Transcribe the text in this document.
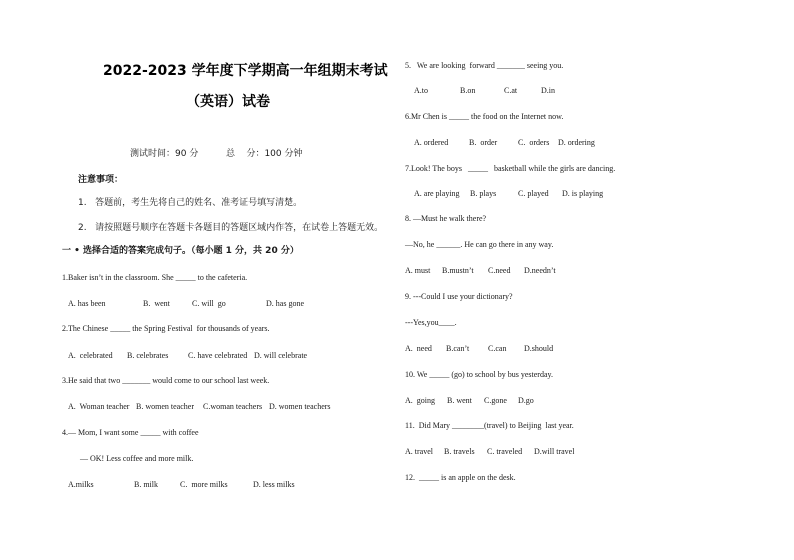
2022-2023 学年度下学期高一年组期末考试
（英语）试卷
测试时间：90 分	总    分：100 分钟
注意事项：
1.   答题前，考生先将自己的姓名、准考证号填写清楚。
2.   请按照题号顺序在答题卡各题目的答题区域内作答，在试卷上答题无效。
一 • 选择合适的答案完成句子。（每小题 1 分，共 20 分）
1.Baker isn’t in the classroom. She _____ to the cafeteria.
A. has been	B.  went	C. will  go	D. has gone
2.The Chinese _____ the Spring Festival  for thousands of years.
A.  celebrated B. celebrates C. have celebrated D. will celebrate
3.He said that two _______ would come to our school last week.
A.  Woman teacher B. women teacher C.woman teachers D. women teachers
4.— Mom, I want some _____ with coffee
— OK! Less coffee and more milk.
A.milks	B. milk	C.  more milks	D. less milks
5.   We are looking  forward _______ seeing you.
A.to	B.on	C.at	D.in
6.Mr Chen is _____ the food on the Internet now.
A. ordered	B.  order	C.  orders D. ordering
7.Look! The boys   _____   basketball while the girls are dancing.
A. are playing B. plays	C. played D. is playing
8. —Must he walk there?
—No, he ______. He can go there in any way.
A. must B.mustn’t C.need D.needn’t
9. ---Could I use your dictionary?
---Yes,you____.
A.  need B.can’t C.can D.should
10. We _____ (go) to school by bus yesterday.
A.  going B. went C.gone D.go
11.  Did Mary ________(travel) to Beijing  last year.
A. travel B. travels C. traveled D.will travel
12.  _____ is an apple on the desk.
